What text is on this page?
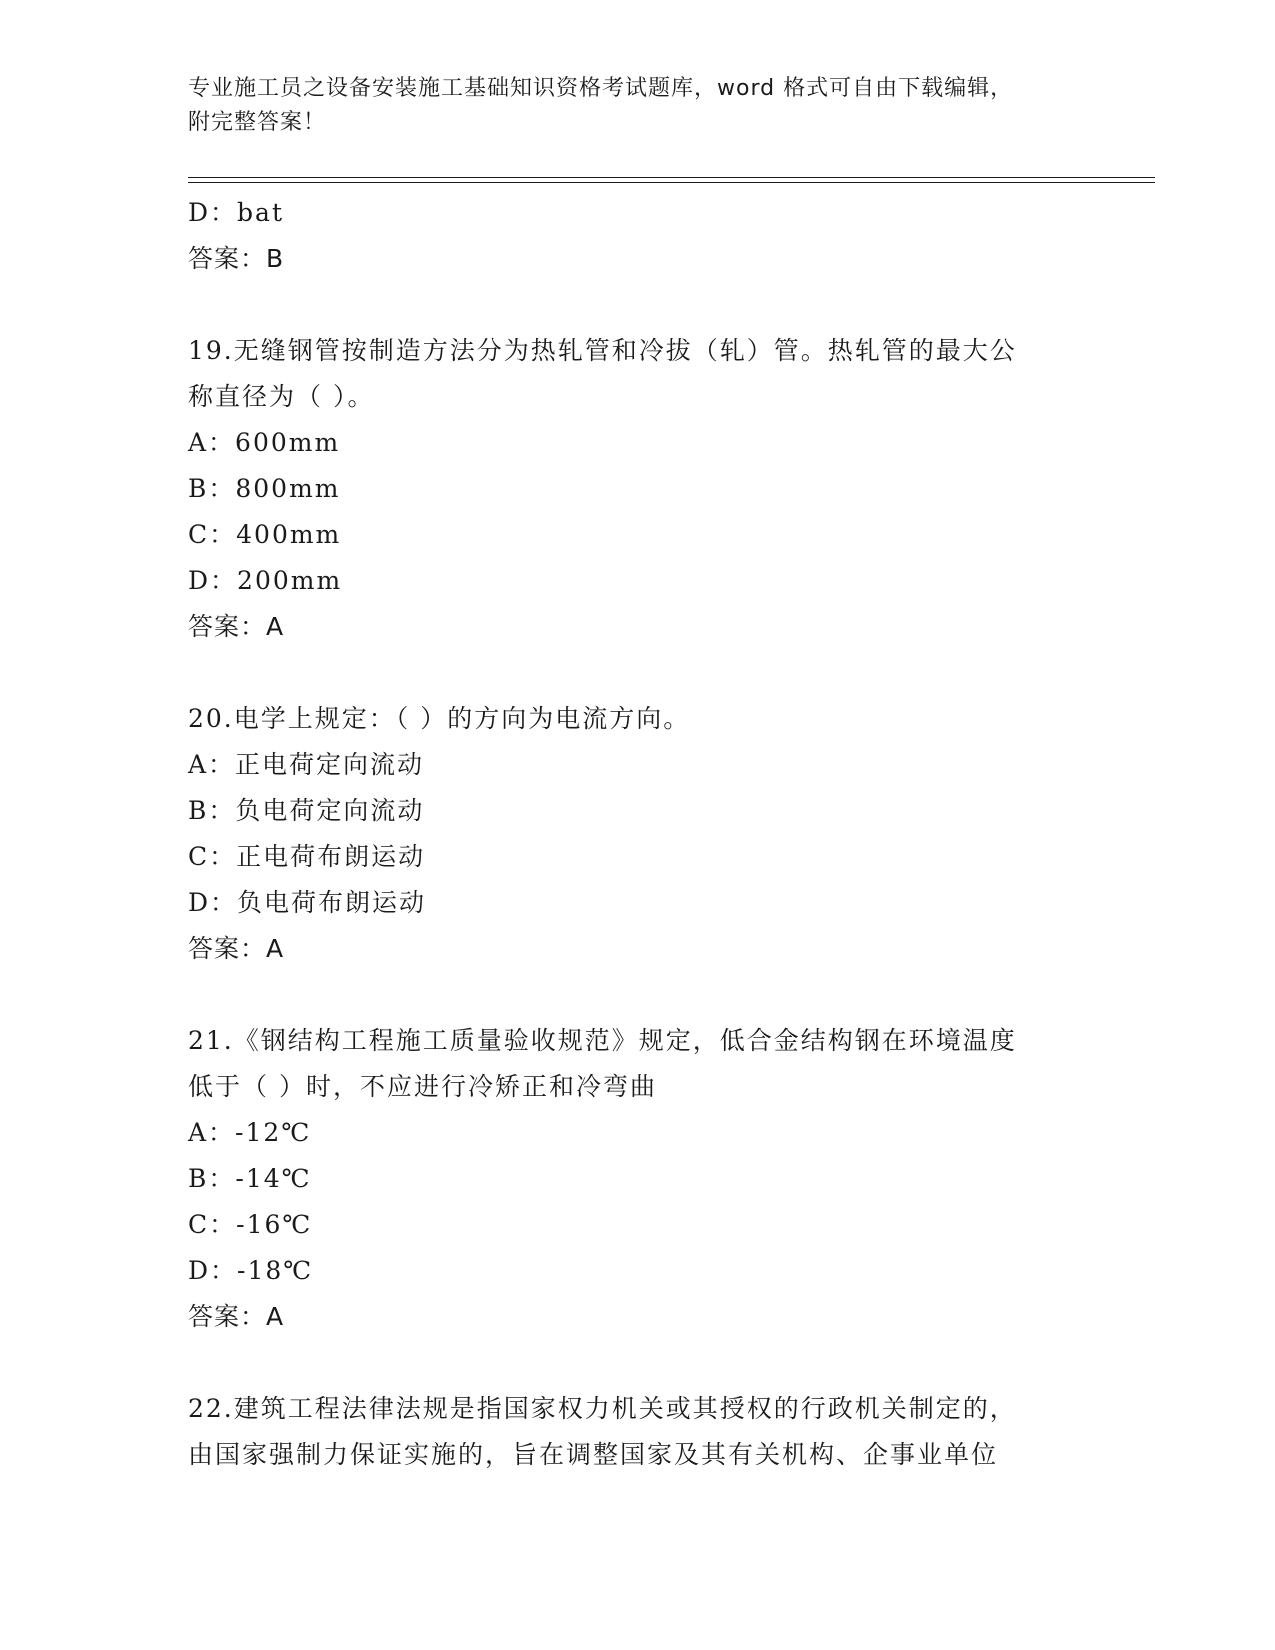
专业施工员之设备安装施工基础知识资格考试题库，word 格式可自由下载编辑，
附完整答案！
D：bat
答案：B
19.无缝钢管按制造方法分为热轧管和冷拔（轧）管。热轧管的最大公
称直径为（ ）。
A：600mm
B：800mm
C：400mm
D：200mm
答案：A
20.电学上规定：（ ）的方向为电流方向。
A：正电荷定向流动
B：负电荷定向流动
C：正电荷布朗运动
D：负电荷布朗运动
答案：A
21.《钢结构工程施工质量验收规范》规定，低合金结构钢在环境温度
低于（ ）时，不应进行冷矫正和冷弯曲
A：-12℃
B：-14℃
C：-16℃
D：-18℃
答案：A
22.建筑工程法律法规是指国家权力机关或其授权的行政机关制定的，
由国家强制力保证实施的，旨在调整国家及其有关机构、企事业单位
